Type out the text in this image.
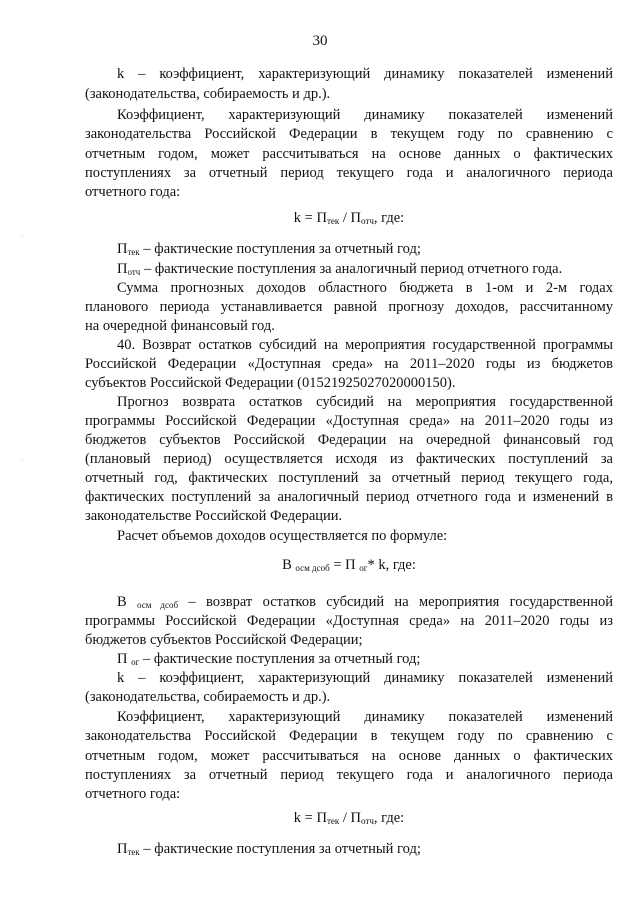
30
k – коэффициент, характеризующий динамику показателей изменений
(законодательства, собираемость и др.).
Коэффициент, характеризующий динамику показателей изменений
законодательства Российской Федерации в текущем году по сравнению с
отчетным годом, может рассчитываться на основе данных о фактических
поступлениях за отчетный период текущего года и аналогичного периода
отчетного года:
$k = П_{тек} / П_{отч}$, где:
$П_{тек}$ – фактические поступления за отчетный год;
$П_{отч}$ – фактические поступления за аналогичный период отчетного года.
Сумма прогнозных доходов областного бюджета в 1-ом и 2-м годах
планового периода устанавливается равной прогнозу доходов, рассчитанному
на очередной финансовый год.
40. Возврат остатков субсидий на мероприятия государственной программы
Российской Федерации «Доступная среда» на 2011–2020 годы из бюджетов
субъектов Российской Федерации (01521925027020000150).
Прогноз возврата остатков субсидий на мероприятия государственной
программы Российской Федерации «Доступная среда» на 2011–2020 годы из
бюджетов субъектов Российской Федерации на очередной финансовый год
(плановый период) осуществляется исходя из фактических поступлений за
отчетный год, фактических поступлений за отчетный период текущего года,
фактических поступлений за аналогичный период отчетного года и изменений в
законодательстве Российской Федерации.
Расчет объемов доходов осуществляется по формуле:
В $_{осм дсоб}$ = П $_{ог}$* k, где:
В $_{осм дсоб}$ – возврат остатков субсидий на мероприятия государственной
программы Российской Федерации «Доступная среда» на 2011–2020 годы из
бюджетов субъектов Российской Федерации;
П $_{ог}$ – фактические поступления за отчетный год;
k – коэффициент, характеризующий динамику показателей изменений
(законодательства, собираемость и др.).
Коэффициент, характеризующий динамику показателей изменений
законодательства Российской Федерации в текущем году по сравнению с
отчетным годом, может рассчитываться на основе данных о фактических
поступлениях за отчетный период текущего года и аналогичного периода
отчетного года:
$k = П_{тек} / П_{отч}$, где:
$П_{тек}$ – фактические поступления за отчетный год;
